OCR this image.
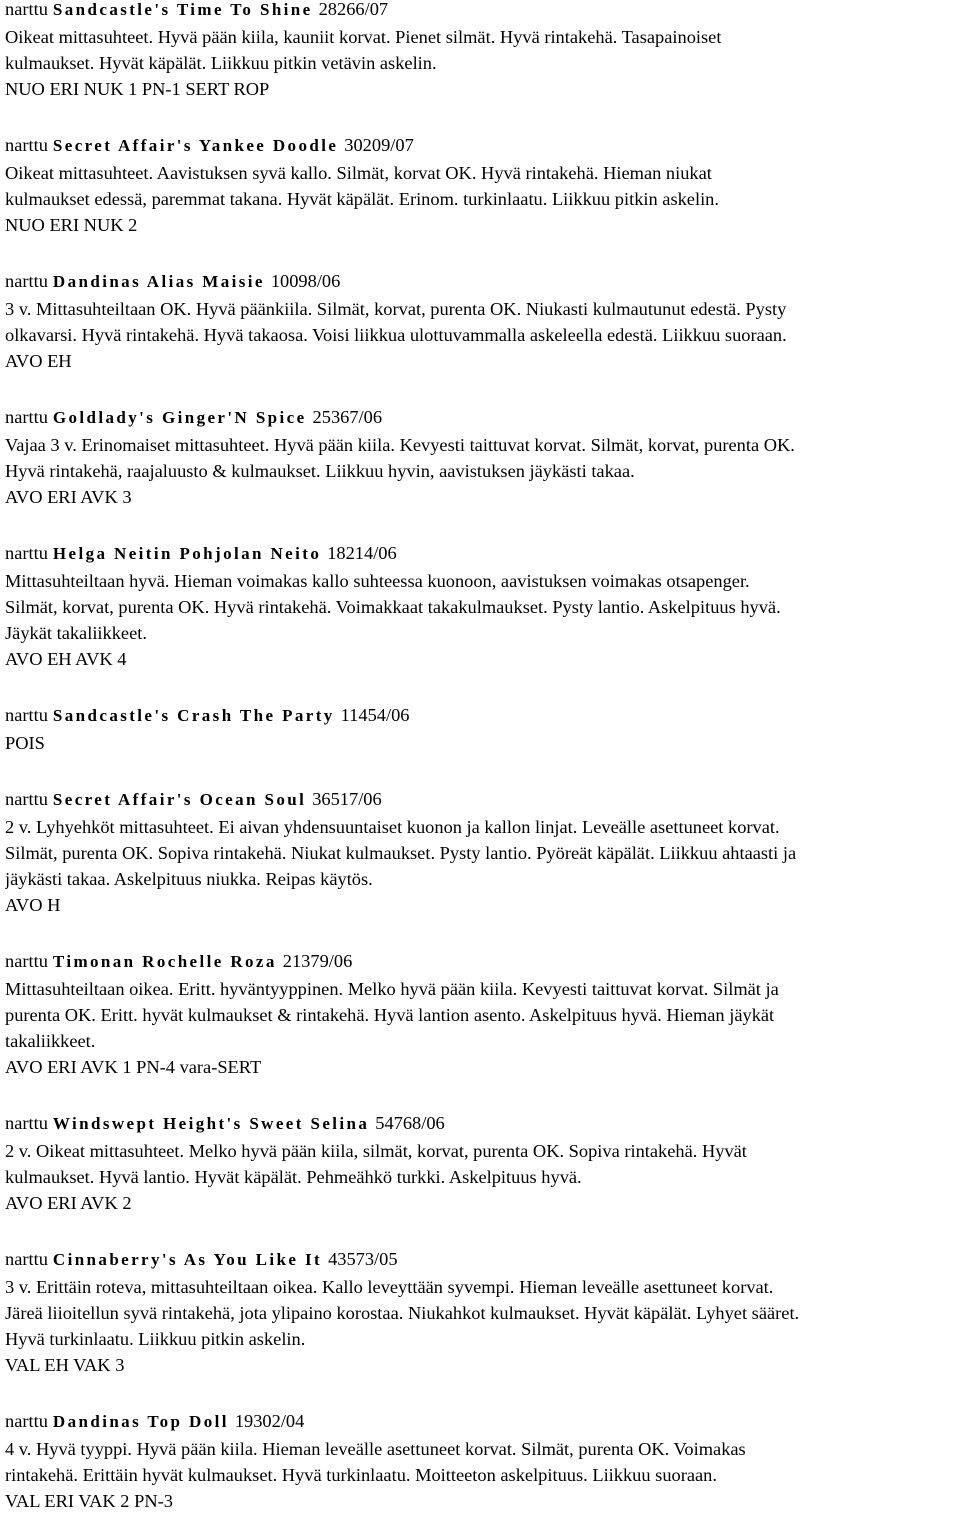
narttu Sandcastle's Time To Shine 28266/07
Oikeat mittasuhteet. Hyvä pään kiila, kauniit korvat. Pienet silmät. Hyvä rintakehä. Tasapainoiset
kulmaukset. Hyvät käpälät. Liikkuu pitkin vetävin askelin.
NUO ERI NUK 1 PN-1 SERT ROP
narttu Secret Affair's Yankee Doodle 30209/07
Oikeat mittasuhteet. Aavistuksen syvä kallo. Silmät, korvat OK. Hyvä rintakehä. Hieman niukat
kulmaukset edessä, paremmat takana. Hyvät käpälät. Erinom. turkinlaatu. Liikkuu pitkin askelin.
NUO ERI NUK 2
narttu Dandinas Alias Maisie 10098/06
3 v. Mittasuhteiltaan OK. Hyvä päänkiila. Silmät, korvat, purenta OK. Niukasti kulmautunut edestä. Pysty
olkavarsi. Hyvä rintakehä. Hyvä takaosa. Voisi liikkua ulottuvammalla askeleella edestä. Liikkuu suoraan.
AVO EH
narttu Goldlady's Ginger'N Spice 25367/06
Vajaa 3 v. Erinomaiset mittasuhteet. Hyvä pään kiila. Kevyesti taittuvat korvat. Silmät, korvat, purenta OK.
Hyvä rintakehä, raajaluusto & kulmaukset. Liikkuu hyvin, aavistuksen jäykästi takaa.
AVO ERI AVK 3
narttu Helga Neitin Pohjolan Neito 18214/06
Mittasuhteiltaan hyvä. Hieman voimakas kallo suhteessa kuonoon, aavistuksen voimakas otsapenger.
Silmät, korvat, purenta OK. Hyvä rintakehä. Voimakkaat takakulmaukset. Pysty lantio. Askelpituus hyvä.
Jäykät takaliikkeet.
AVO EH AVK 4
narttu Sandcastle's Crash The Party 11454/06
POIS
narttu Secret Affair's Ocean Soul 36517/06
2 v. Lyhyehköt mittasuhteet. Ei aivan yhdensuuntaiset kuonon ja kallon linjat. Leveälle asettuneet korvat.
Silmät, purenta OK. Sopiva rintakehä. Niukat kulmaukset. Pysty lantio. Pyöreät käpälät. Liikkuu ahtaasti ja
jäykästi takaa. Askelpituus niukka. Reipas käytös.
AVO H
narttu Timonan Rochelle Roza 21379/06
Mittasuhteiltaan oikea. Eritt. hyväntyyppinen. Melko hyvä pään kiila. Kevyesti taittuvat korvat. Silmät ja
purenta OK. Eritt. hyvät kulmaukset & rintakehä. Hyvä lantion asento. Askelpituus hyvä. Hieman jäykät
takaliikkeet.
AVO ERI AVK 1 PN-4 vara-SERT
narttu Windswept Height's Sweet Selina 54768/06
2 v. Oikeat mittasuhteet. Melko hyvä pään kiila, silmät, korvat, purenta OK. Sopiva rintakehä. Hyvät
kulmaukset. Hyvä lantio. Hyvät käpälät. Pehmeähkö turkki. Askelpituus hyvä.
AVO ERI AVK 2
narttu Cinnaberry's As You Like It 43573/05
3 v. Erittäin roteva, mittasuhteiltaan oikea. Kallo leveyttään syvempi. Hieman leveälle asettuneet korvat.
Järeä liioitellun syvä rintakehä, jota ylipaino korostaa. Niukahkot kulmaukset. Hyvät käpälät. Lyhyet sääret.
Hyvä turkinlaatu. Liikkuu pitkin askelin.
VAL EH VAK 3
narttu Dandinas Top Doll 19302/04
4 v. Hyvä tyyppi. Hyvä pään kiila. Hieman leveälle asettuneet korvat. Silmät, purenta OK. Voimakas
rintakehä. Erittäin hyvät kulmaukset. Hyvä turkinlaatu. Moitteeton askelpituus. Liikkuu suoraan.
VAL ERI VAK 2 PN-3
